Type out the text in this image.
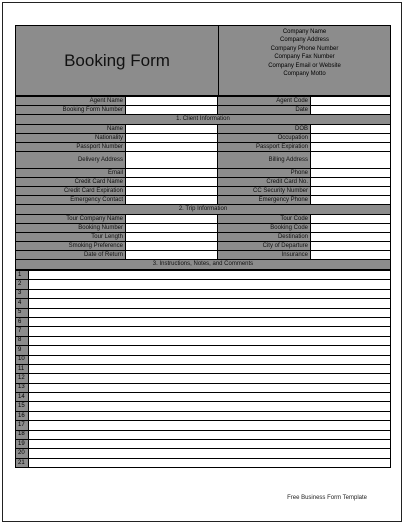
Booking Form	
Company Name
Company Address
Company Phone Number
Company Fax Number
Company Email or Website
Company Motto
Agent Name		Agent Code	
Booking Form Number		Date	
1. Client Information			
Name		DOB	
Nationality		Occupation	
Passport Number		Passport Expiration	
Delivery Address		Billing Address	
Email		Phone	
Credit Card Name		Credit Card No.	
Credit Card Expiration		CC Security Number	
Emergency Contact		Emergency Phone	
2. Trip Information			
Tour Company Name		Tour Code	
Booking Number		Booking Code	
Tour Length		Destination	
Smoking Preference		City of Departure	
Date of Return		Insurance	
3. Instructions, Notes, and Comments			
1	
2	
3	
4	
5	
6	
7	
8	
9	
10	
11	
12	
13	
14	
15	
16	
17	
18	
19	
20	
21	
Free Business Form Template
